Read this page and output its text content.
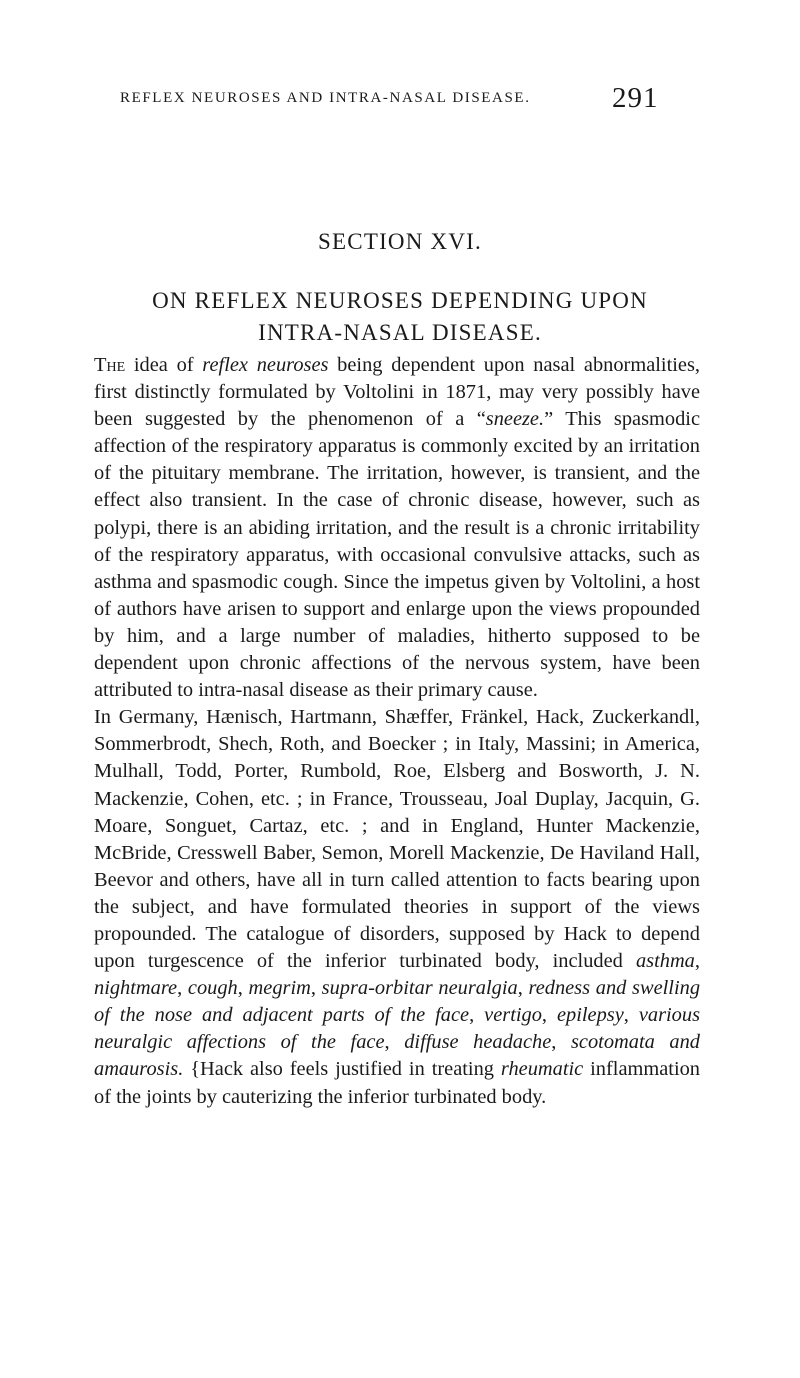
REFLEX NEUROSES AND INTRA-NASAL DISEASE.	291
SECTION XVI.
ON REFLEX NEUROSES DEPENDING UPON
INTRA-NASAL DISEASE.

The idea of reflex neuroses being dependent upon nasal abnormalities, first distinctly formulated by Voltolini in 1871, may very possibly have been suggested by the phenomenon of a “sneeze.” This spasmodic affection of the respiratory apparatus is commonly excited by an irritation of the pituitary membrane. The irritation, however, is transient, and the effect also transient. In the case of chronic disease, however, such as polypi, there is an abiding irritation, and the result is a chronic irritability of the respiratory apparatus, with occasional convulsive attacks, such as asthma and spasmodic cough. Since the impetus given by Voltolini, a host of authors have arisen to support and enlarge upon the views propounded by him, and a large number of maladies, hitherto supposed to be dependent upon chronic affections of the nervous system, have been attributed to intra-nasal disease as their primary cause.

In Germany, Hænisch, Hartmann, Shæffer, Fränkel, Hack, Zuckerkandl, Sommerbrodt, Shech, Roth, and Boecker ; in Italy, Massini; in America, Mulhall, Todd, Porter, Rumbold, Roe, Elsberg and Bosworth, J. N. Mackenzie, Cohen, etc. ; in France, Trousseau, Joal Duplay, Jacquin, G. Moare, Songuet, Cartaz, etc. ; and in England, Hunter Mackenzie, McBride, Cresswell Baber, Semon, Morell Mackenzie, De Haviland Hall, Beevor and others, have all in turn called attention to facts bearing upon the subject, and have formulated theories in support of the views propounded. The catalogue of disorders, supposed by Hack to depend upon turgescence of the inferior turbinated body, included asthma, nightmare, cough, megrim, supra-orbitar neuralgia, redness and swelling of the nose and adjacent parts of the face, vertigo, epilepsy, various neuralgic affections of the face, diffuse headache, scotomata and amaurosis. {Hack also feels justified in treating rheumatic inflammation of the joints by cauterizing the inferior turbinated body.
